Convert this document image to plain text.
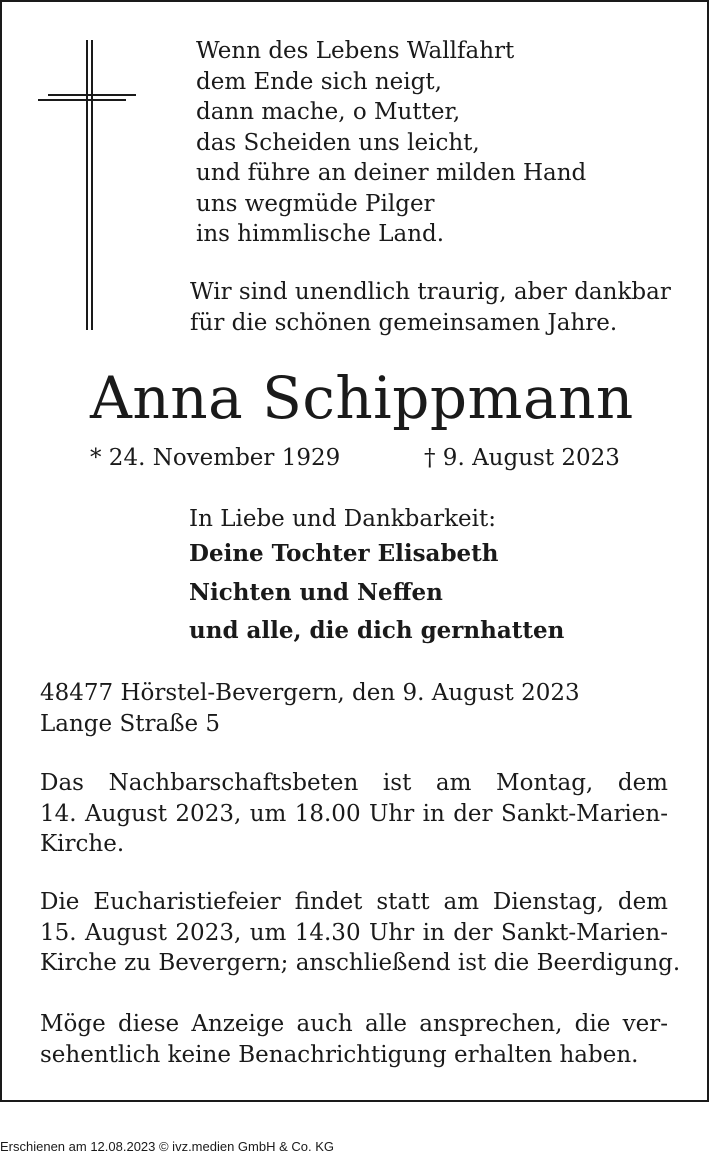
Wenn des Lebens Wallfahrt
dem Ende sich neigt,
dann mache, o Mutter,
das Scheiden uns leicht,
und führe an deiner milden Hand
uns wegmüde Pilger
ins himmlische Land.
Wir sind unendlich traurig, aber dankbar
für die schönen gemeinsamen Jahre.
Anna Schippmann
* 24. November 1929	† 9. August 2023
In Liebe und Dankbarkeit:
Deine Tochter Elisabeth
Nichten und Neffen
und alle, die dich gernhatten
48477 Hörstel-Bevergern, den 9. August 2023
Lange Straße 5
Das Nachbarschaftsbeten ist am Montag, dem
14. August 2023, um 18.00 Uhr in der Sankt-Marien-
Kirche.
Die Eucharistiefeier findet statt am Dienstag, dem
15. August 2023, um 14.30 Uhr in der Sankt-Marien-
Kirche zu Bevergern; anschließend ist die Beerdigung.
Möge diese Anzeige auch alle ansprechen, die ver-
sehentlich keine Benachrichtigung erhalten haben.
Erschienen am 12.08.2023 © ivz.medien GmbH & Co. KG
